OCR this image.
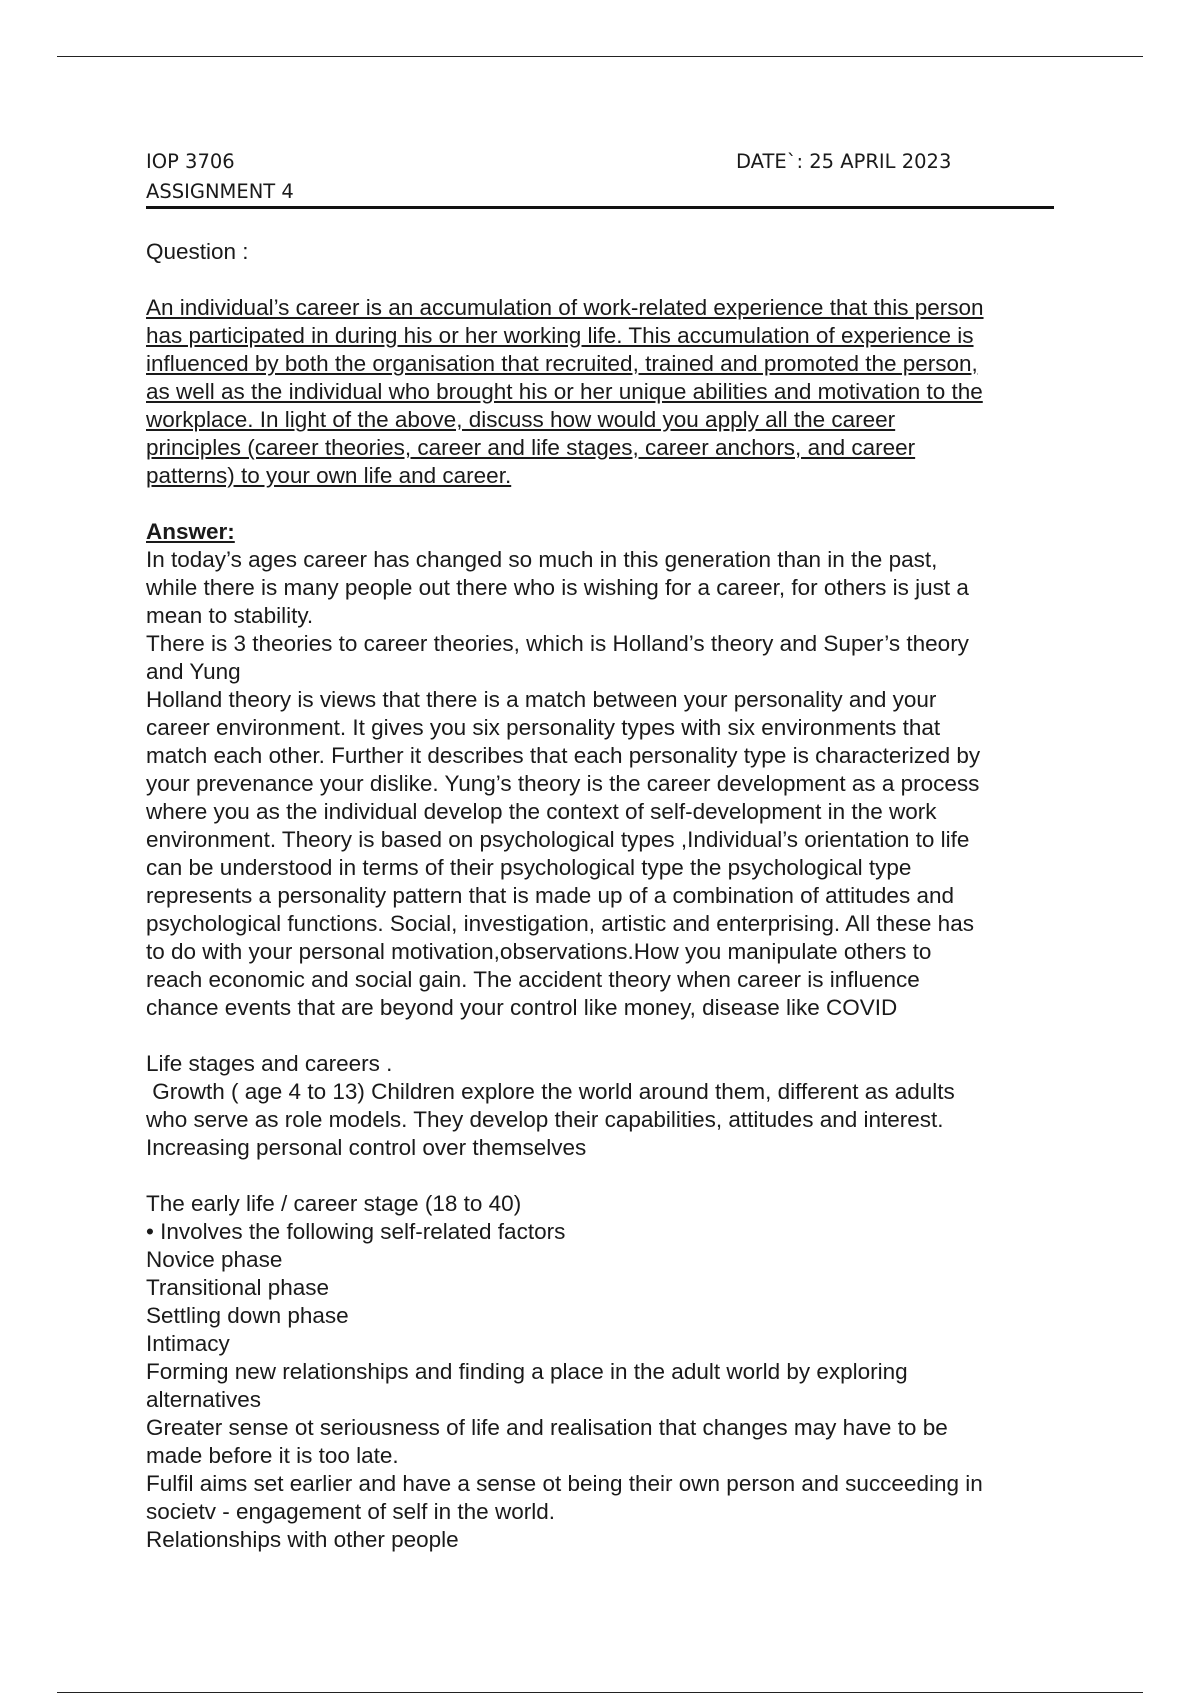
IOP 3706	DATE`: 25 APRIL 2023
ASSIGNMENT 4

Question :

An individual’s career is an accumulation of work-related experience that this person
has participated in during his or her working life. This accumulation of experience is
influenced by both the organisation that recruited, trained and promoted the person,
as well as the individual who brought his or her unique abilities and motivation to the
workplace. In light of the above, discuss how would you apply all the career
principles (career theories, career and life stages, career anchors, and career
patterns) to your own life and career.

Answer:

In today’s ages career has changed so much in this generation than in the past,
while there is many people out there who is wishing for a career, for others is just a
mean to stability.
There is 3 theories to career theories, which is Holland’s theory and Super’s theory
and Yung
Holland theory is views that there is a match between your personality and your
career environment. It gives you six personality types with six environments that
match each other. Further it describes that each personality type is characterized by
your prevenance your dislike. Yung’s theory is the career development as a process
where you as the individual develop the context of self-development in the work
environment. Theory is based on psychological types ,Individual’s orientation to life
can be understood in terms of their psychological type the psychological type
represents a personality pattern that is made up of a combination of attitudes and
psychological functions. Social, investigation, artistic and enterprising. All these has
to do with your personal motivation,observations.How you manipulate others to
reach economic and social gain. The accident theory when career is influence
chance events that are beyond your control like money, disease like COVID
Life stages and careers .
Growth ( age 4 to 13) Children explore the world around them, different as adults
who serve as role models. They develop their capabilities, attitudes and interest.
Increasing personal control over themselves
The early life / career stage (18 to 40)
• Involves the following self-related factors
Novice phase
Transitional phase
Settling down phase
Intimacy
Forming new relationships and finding a place in the adult world by exploring
alternatives
Greater sense ot seriousness of life and realisation that changes may have to be
made before it is too late.
Fulfil aims set earlier and have a sense ot being their own person and succeeding in
societv - engagement of self in the world.
Relationships with other people
